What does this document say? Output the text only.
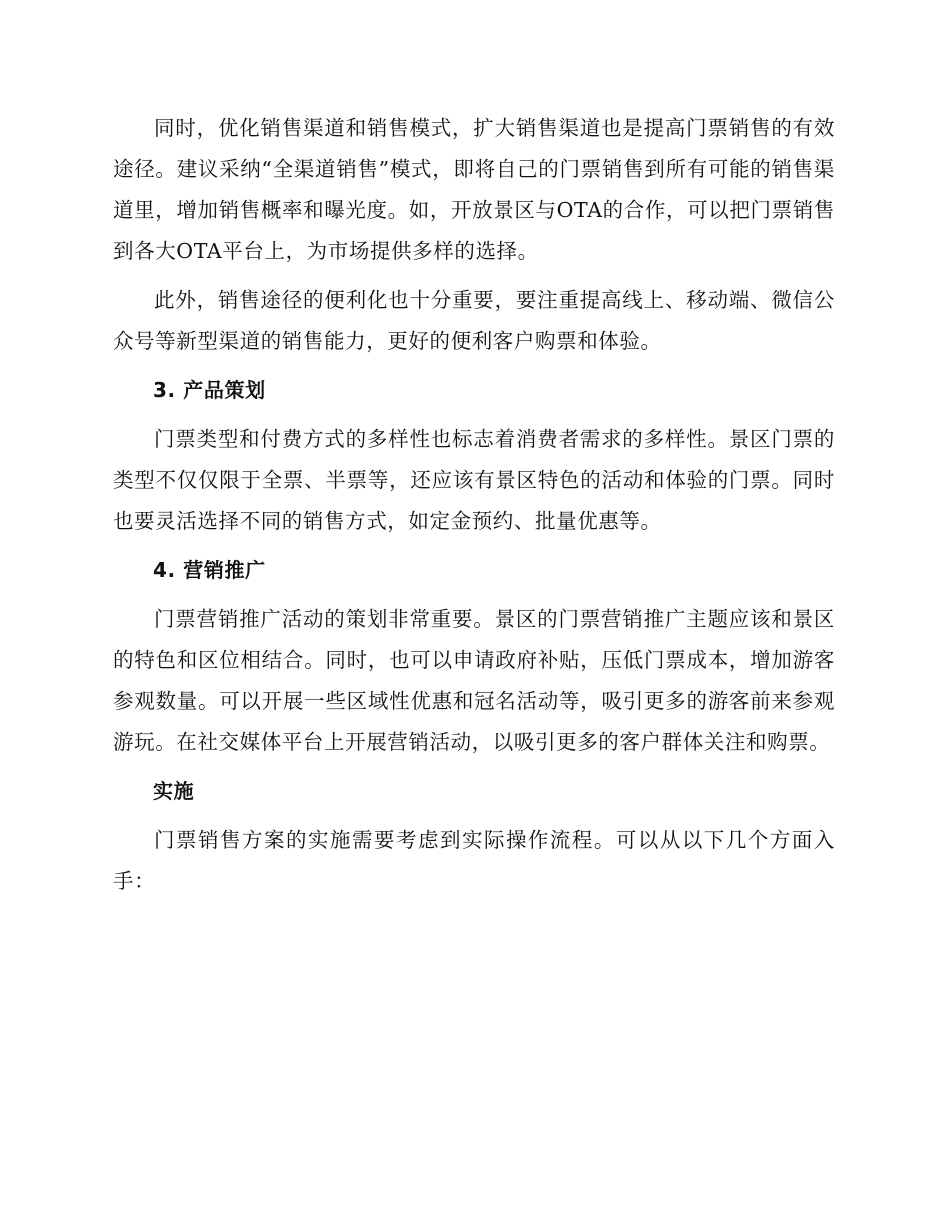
同时，优化销售渠道和销售模式，扩大销售渠道也是提高门票销售的有效途径。建议采纳“全渠道销售”模式，即将自己的门票销售到所有可能的销售渠道里，增加销售概率和曝光度。如，开放景区与OTA的合作，可以把门票销售到各大OTA平台上，为市场提供多样的选择。

此外，销售途径的便利化也十分重要，要注重提高线上、移动端、微信公众号等新型渠道的销售能力，更好的便利客户购票和体验。

3. 产品策划

门票类型和付费方式的多样性也标志着消费者需求的多样性。景区门票的类型不仅仅限于全票、半票等，还应该有景区特色的活动和体验的门票。同时也要灵活选择不同的销售方式，如定金预约、批量优惠等。

4. 营销推广

门票营销推广活动的策划非常重要。景区的门票营销推广主题应该和景区的特色和区位相结合。同时，也可以申请政府补贴，压低门票成本，增加游客参观数量。可以开展一些区域性优惠和冠名活动等，吸引更多的游客前来参观游玩。在社交媒体平台上开展营销活动，以吸引更多的客户群体关注和购票。

实施

门票销售方案的实施需要考虑到实际操作流程。可以从以下几个方面入手：
